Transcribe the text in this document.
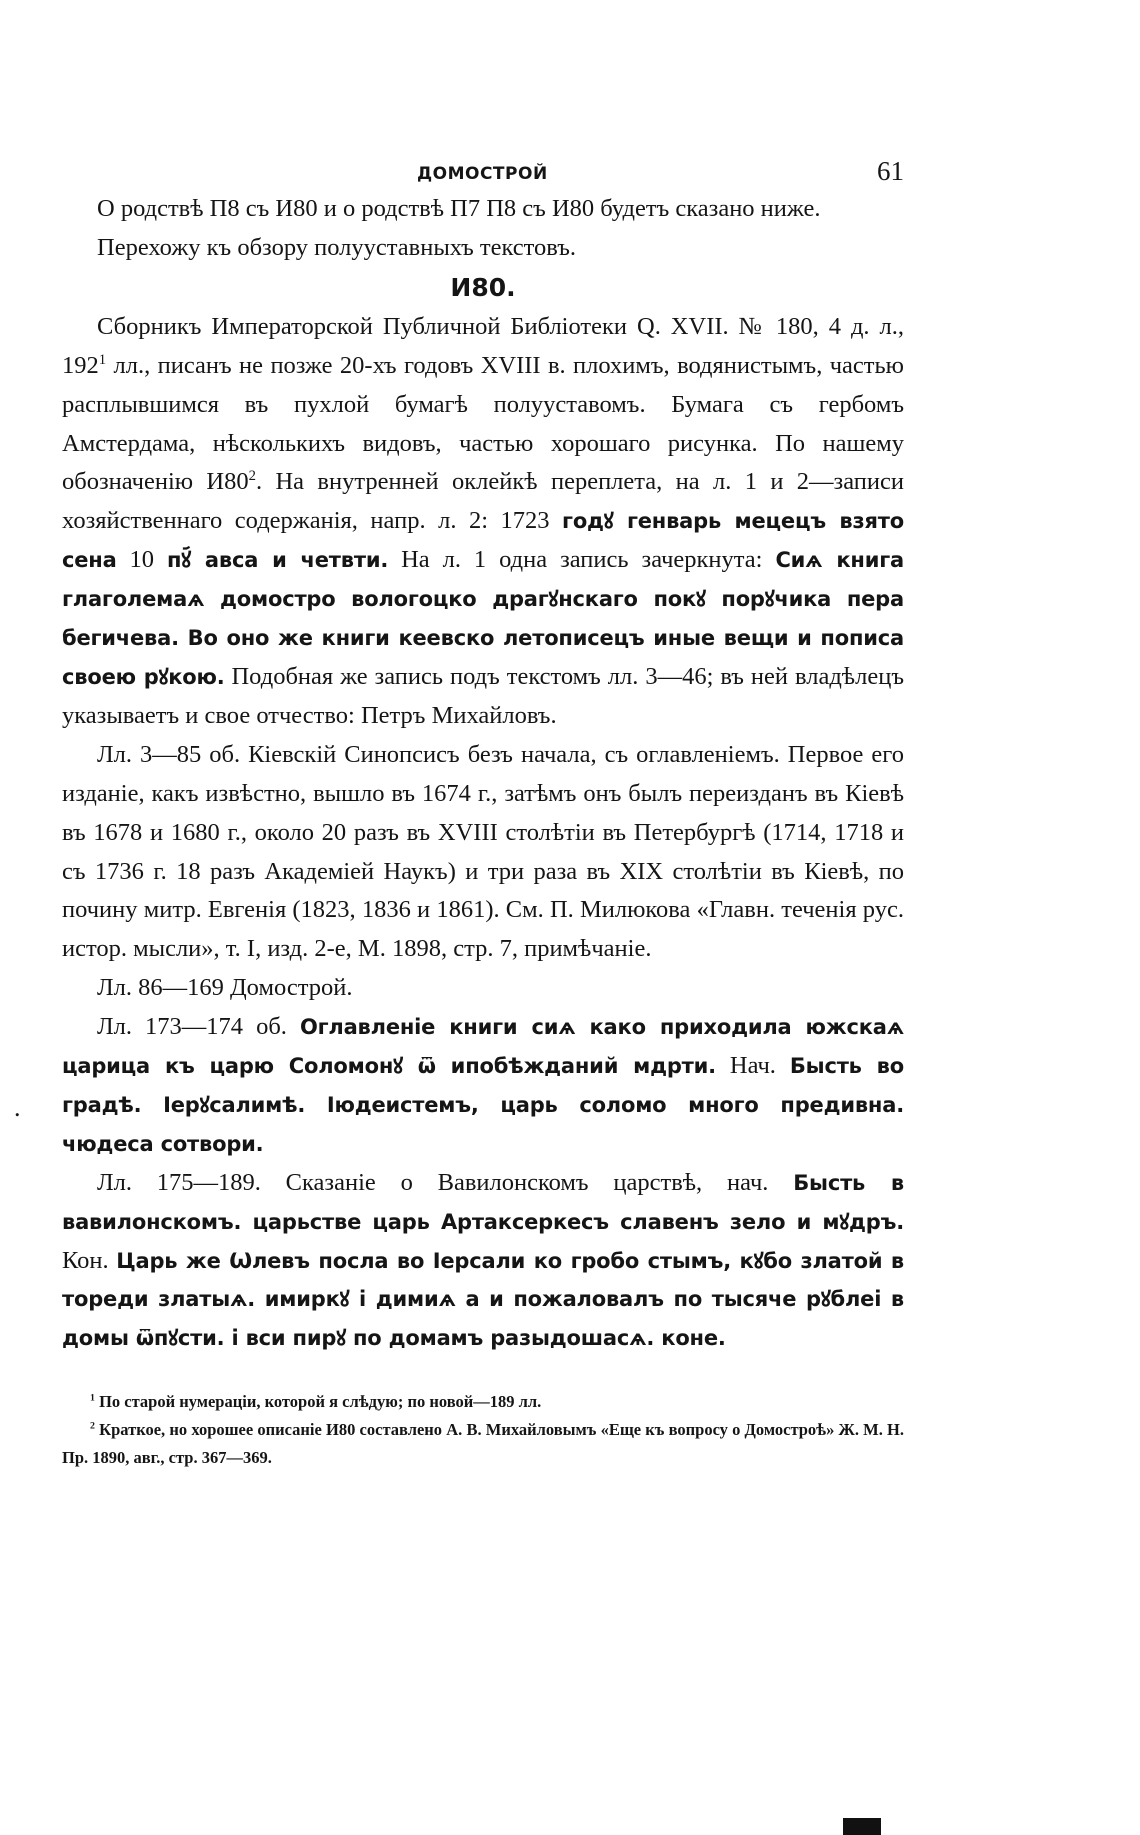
.
ДОМОСТРОЙ	61

О родствѣ П8 съ И80 и о родствѣ П7 П8 съ И80 будетъ сказано ниже.

Перехожу къ обзору полууставныхъ текстовъ.

И80.

Сборникъ Императорской Публичной Библіотеки Q. XVII. № 180, 4 д. л., $192^1$ лл., писанъ не позже 20-хъ годовъ XVIII в. плохимъ, водянистымъ, частью расплывшимся въ пухлой бумагѣ полууставомъ. Бумага съ гербомъ Амстердама, нѣсколькихъ видовъ, частью хорошаго рисунка. По нашему обозначенію $И80^2$. На внутренней оклейкѣ переплета, на л. 1 и 2—записи хозяйственнаго содержанія, напр. л. 2: 1723 годꙋ генварь мецецъ взято сена 10 пꙋ᷄ авса и четвти. На л. 1 одна запись зачеркнута: Сиѧ книга глаголемаѧ домостро вологоцко драгꙋнскаго покꙋ порꙋчика пера бегичева. Во оно же книги кеевско летописецъ иные вещи и пописа своею рꙋкою. Подобная же запись подъ текстомъ лл. 3—46; въ ней владѣлецъ указываетъ и свое отчество: Петръ Михайловъ.

Лл. 3—85 об. Кіевскій Синопсисъ безъ начала, съ оглавленіемъ. Первое его изданіе, какъ извѣстно, вышло въ 1674 г., затѣмъ онъ былъ переизданъ въ Кіевѣ въ 1678 и 1680 г., около 20 разъ въ XVIII столѣтіи въ Петербургѣ (1714, 1718 и съ 1736 г. 18 разъ Академіей Наукъ) и три раза въ XIX столѣтіи въ Кіевѣ, по почину митр. Евгенія (1823, 1836 и 1861). См. П. Милюкова «Главн. теченія рус. истор. мысли», т. I, изд. 2-е, М. 1898, стр. 7, примѣчаніе.

Лл. 86—169 Домострой.

Лл. 173—174 об. Оглавленіе книги сиѧ како приходила южскаѧ царица къ царю Соломонꙋ ѿ ипобѣжданий мдрти. Нач. Бысть во градѣ. Іерꙋсалимѣ. Іюдеистемъ, царь соломо много предивна. чюдеса сотвори.

Лл. 175—189. Сказаніе о Вавилонскомъ царствѣ, нач. Бысть в вавилонскомъ. царьстве царь Артаксеркесъ славенъ зело и мꙋдръ. Кон. Царь же Ѡлевъ посла во Іерсали ко гробо стымъ, кꙋбо златой в тореди златыѧ. имиркꙋ і димиѧ а и пожаловалъ по тысяче рꙋблеі в домы ѿпꙋсти. і вси пирꙋ по домамъ разыдошасѧ. коне.

$^1$ По старой нумераціи, которой я слѣдую; по новой—189 лл.

$^2$ Краткое, но хорошее описаніе И80 составлено А. В. Михайловымъ «Еще къ вопросу о Домостроѣ» Ж. М. Н. Пр. 1890, авг., стр. 367—369.
